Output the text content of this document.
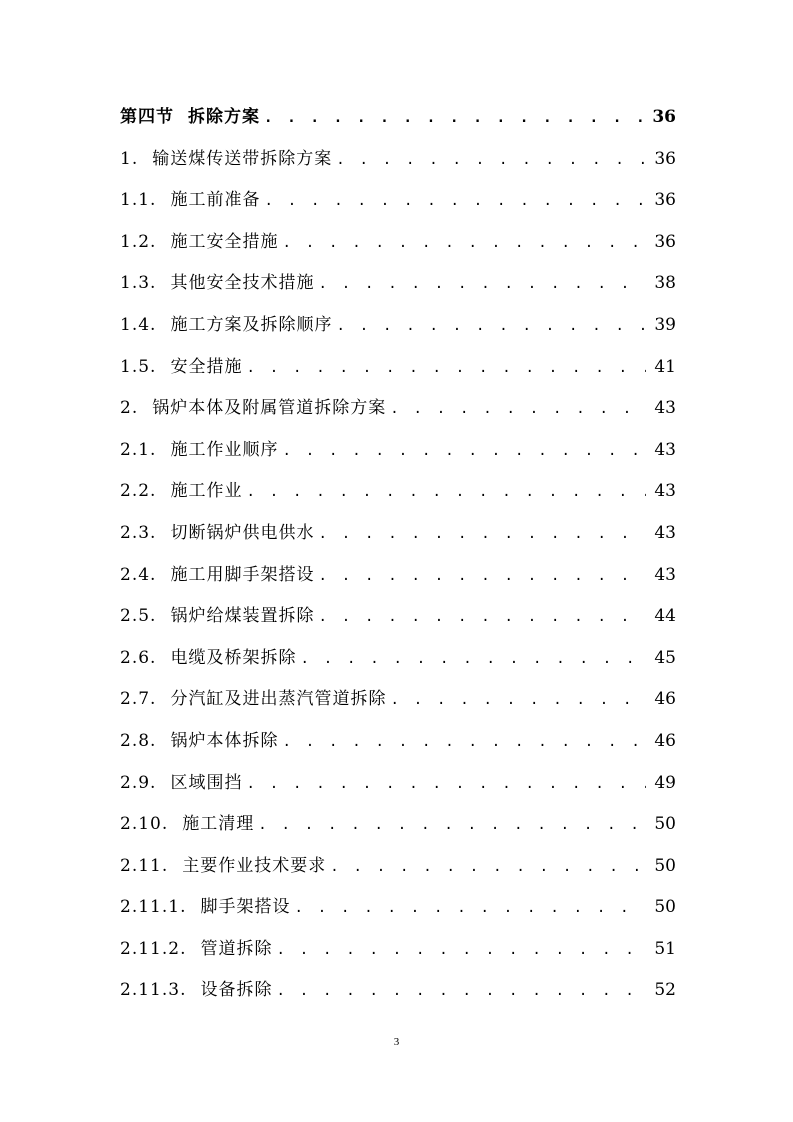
第四节 拆除方案 . . .	36
1. 输送煤传送带拆除方案 . . .	36
1.1. 施工前准备 . . .	36
1.2. 施工安全措施 . . .	36
1.3. 其他安全技术措施 . . .	38
1.4. 施工方案及拆除顺序 . . .	39
1.5. 安全措施 . . .	41
2. 锅炉本体及附属管道拆除方案 . . .	43
2.1. 施工作业顺序 . . .	43
2.2. 施工作业 . . .	43
2.3. 切断锅炉供电供水 . . .	43
2.4. 施工用脚手架搭设 . . .	43
2.5. 锅炉给煤装置拆除 . . .	44
2.6. 电缆及桥架拆除 . . .	45
2.7. 分汽缸及进出蒸汽管道拆除 . . .	46
2.8. 锅炉本体拆除 . . .	46
2.9. 区域围挡 . . .	49
2.10. 施工清理 . . .	50
2.11. 主要作业技术要求 . . .	50
2.11.1. 脚手架搭设 . . .	50
2.11.2. 管道拆除 . . .	51
2.11.3. 设备拆除 . . .	52
3
